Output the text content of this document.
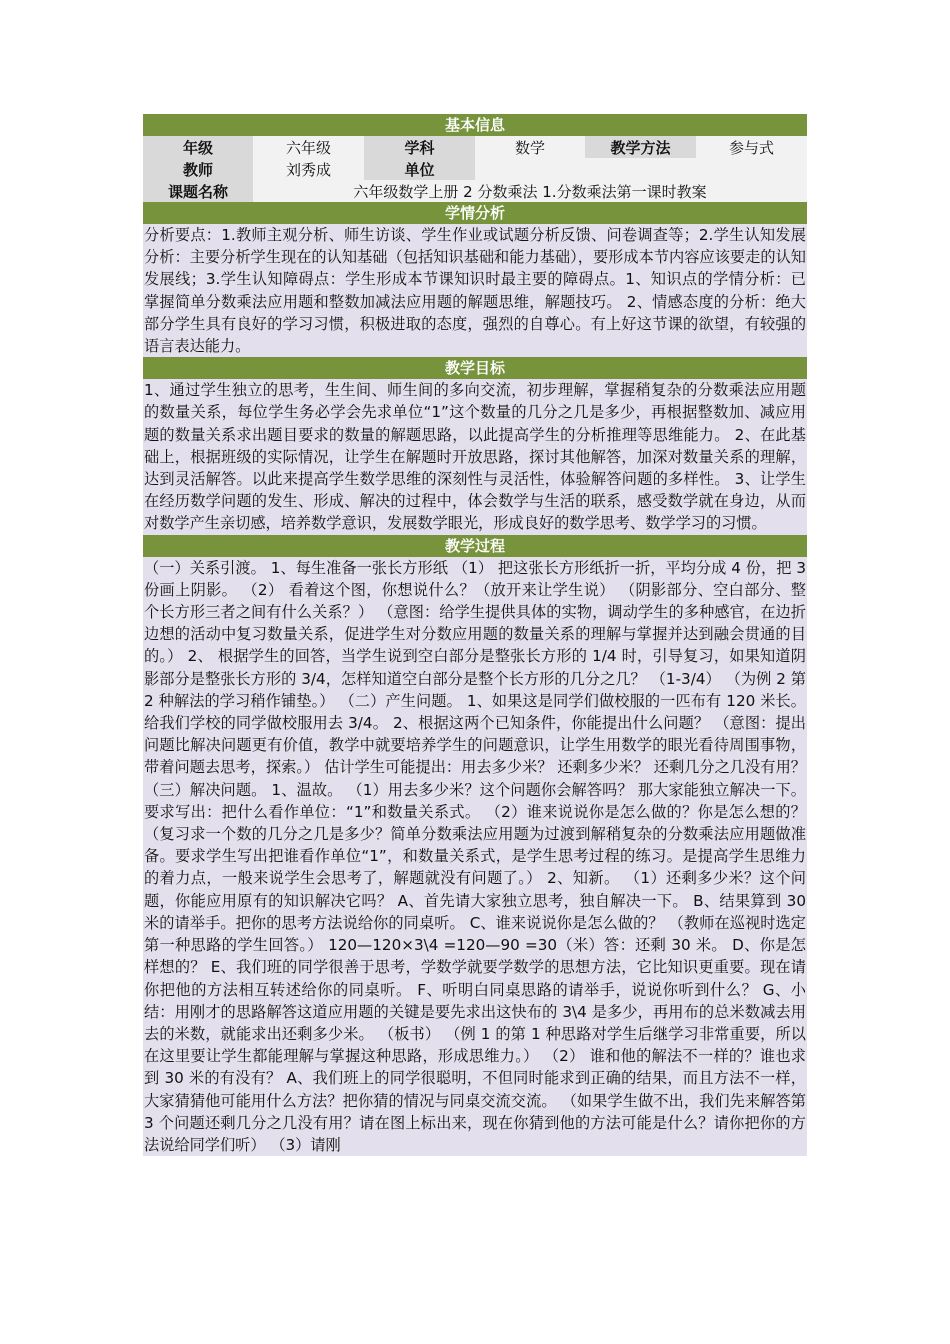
基本信息
年级	六年级	学科	数学	教学方法	参与式
教师	刘秀成	单位			
课题名称	六年级数学上册 2 分数乘法 1.分数乘法第一课时教案				
学情分析
分析要点：1.教师主观分析、师生访谈、学生作业或试题分析反馈、问卷调查等；2.学生认知发展分析：主要分析学生现在的认知基础（包括知识基础和能力基础），要形成本节内容应该要走的认知发展线；3.学生认知障碍点：学生形成本节课知识时最主要的障碍点。1、知识点的学情分析：已掌握简单分数乘法应用题和整数加减法应用题的解题思维，解题技巧。 2、情感态度的分析：绝大部分学生具有良好的学习习惯，积极进取的态度，强烈的自尊心。有上好这节课的欲望，有较强的语言表达能力。
教学目标
1、通过学生独立的思考，生生间、师生间的多向交流，初步理解，掌握稍复杂的分数乘法应用题的数量关系，每位学生务必学会先求单位“1”这个数量的几分之几是多少，再根据整数加、减应用题的数量关系求出题目要求的数量的解题思路，以此提高学生的分析推理等思维能力。 2、在此基础上，根据班级的实际情况，让学生在解题时开放思路，探讨其他解答，加深对数量关系的理解，达到灵活解答。以此来提高学生数学思维的深刻性与灵活性，体验解答问题的多样性。 3、让学生在经历数学问题的发生、形成、解决的过程中，体会数学与生活的联系，感受数学就在身边，从而对数学产生亲切感，培养数学意识，发展数学眼光，形成良好的数学思考、数学学习的习惯。
教学过程
（一）关系引渡。 1、每生准备一张长方形纸 （1） 把这张长方形纸折一折，平均分成 4 份，把 3 份画上阴影。 （2） 看着这个图，你想说什么？（放开来让学生说） （阴影部分、空白部分、整个长方形三者之间有什么关系？） （意图：给学生提供具体的实物，调动学生的多种感官，在边折边想的活动中复习数量关系，促进学生对分数应用题的数量关系的理解与掌握并达到融会贯通的目的。） 2、 根据学生的回答，当学生说到空白部分是整张长方形的 1/4 时，引导复习，如果知道阴影部分是整张长方形的 3/4，怎样知道空白部分是整个长方形的几分之几？ （1-3/4） （为例 2 第 2 种解法的学习稍作铺垫。） （二）产生问题。 1、如果这是同学们做校服的一匹布有 120 米长。给我们学校的同学做校服用去 3/4。 2、根据这两个已知条件，你能提出什么问题？ （意图：提出问题比解决问题更有价值，教学中就要培养学生的问题意识，让学生用数学的眼光看待周围事物，带着问题去思考，探索。） 估计学生可能提出：用去多少米？ 还剩多少米？ 还剩几分之几没有用？ （三）解决问题。 1、温故。 （1）用去多少米？这个问题你会解答吗？ 那大家能独立解决一下。要求写出：把什么看作单位：“1”和数量关系式。 （2）谁来说说你是怎么做的？你是怎么想的？ （复习求一个数的几分之几是多少？简单分数乘法应用题为过渡到解稍复杂的分数乘法应用题做准备。要求学生写出把谁看作单位“1”，和数量关系式，是学生思考过程的练习。是提高学生思维力的着力点，一般来说学生会思考了，解题就没有问题了。） 2、知新。 （1）还剩多少米？这个问题，你能应用原有的知识解决它吗？ A、首先请大家独立思考，独自解决一下。 B、结果算到 30 米的请举手。把你的思考方法说给你的同桌听。 C、谁来说说你是怎么做的？ （教师在巡视时选定第一种思路的学生回答。） 120—120×3\4 =120—90 =30（米）答：还剩 30 米。 D、你是怎样想的？ E、我们班的同学很善于思考，学数学就要学数学的思想方法，它比知识更重要。现在请你把他的方法相互转述给你的同桌听。 F、听明白同桌思路的请举手，说说你听到什么？ G、小结：用刚才的思路解答这道应用题的关键是要先求出这快布的 3\4 是多少，再用布的总米数减去用去的米数，就能求出还剩多少米。 （板书） （例 1 的第 1 种思路对学生后继学习非常重要，所以在这里要让学生都能理解与掌握这种思路，形成思维力。） （2） 谁和他的解法不一样的？谁也求到 30 米的有没有？ A、我们班上的同学很聪明，不但同时能求到正确的结果，而且方法不一样，大家猜猜他可能用什么方法？把你猜的情况与同桌交流交流。 （如果学生做不出，我们先来解答第 3 个问题还剩几分之几没有用？请在图上标出来，现在你猜到他的方法可能是什么？请你把你的方法说给同学们听） （3）请刚
